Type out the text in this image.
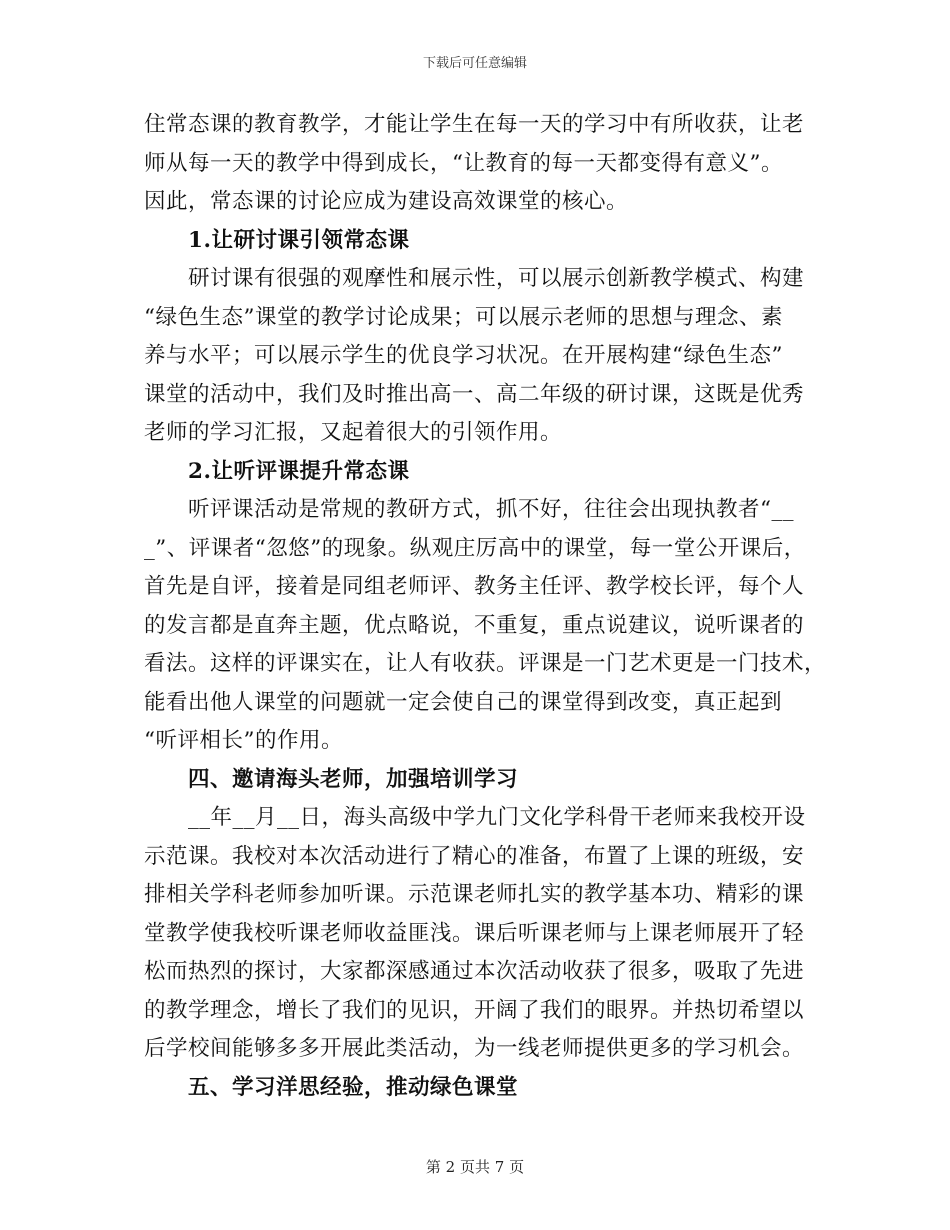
下载后可任意编辑
住常态课的教育教学，才能让学生在每一天的学习中有所收获，让老
师从每一天的教学中得到成长，“让教育的每一天都变得有意义”。
因此，常态课的讨论应成为建设高效课堂的核心。
1.让研讨课引领常态课
研讨课有很强的观摩性和展示性，可以展示创新教学模式、构建
“绿色生态”课堂的教学讨论成果；可以展示老师的思想与理念、素
养与水平；可以展示学生的优良学习状况。在开展构建“绿色生态”
课堂的活动中，我们及时推出高一、高二年级的研讨课，这既是优秀
老师的学习汇报，又起着很大的引领作用。
2.让听评课提升常态课
听评课活动是常规的教研方式，抓不好，往往会出现执教者“__
_”、评课者“忽悠”的现象。纵观庄厉高中的课堂，每一堂公开课后，
首先是自评，接着是同组老师评、教务主任评、教学校长评，每个人
的发言都是直奔主题，优点略说，不重复，重点说建议，说听课者的
看法。这样的评课实在，让人有收获。评课是一门艺术更是一门技术，
能看出他人课堂的问题就一定会使自己的课堂得到改变，真正起到
“听评相长”的作用。
四、邀请海头老师，加强培训学习
__年__月__日，海头高级中学九门文化学科骨干老师来我校开设
示范课。我校对本次活动进行了精心的准备，布置了上课的班级，安
排相关学科老师参加听课。示范课老师扎实的教学基本功、精彩的课
堂教学使我校听课老师收益匪浅。课后听课老师与上课老师展开了轻
松而热烈的探讨，大家都深感通过本次活动收获了很多，吸取了先进
的教学理念，增长了我们的见识，开阔了我们的眼界。并热切希望以
后学校间能够多多开展此类活动，为一线老师提供更多的学习机会。
五、学习洋思经验，推动绿色课堂
第 2 页共 7 页
